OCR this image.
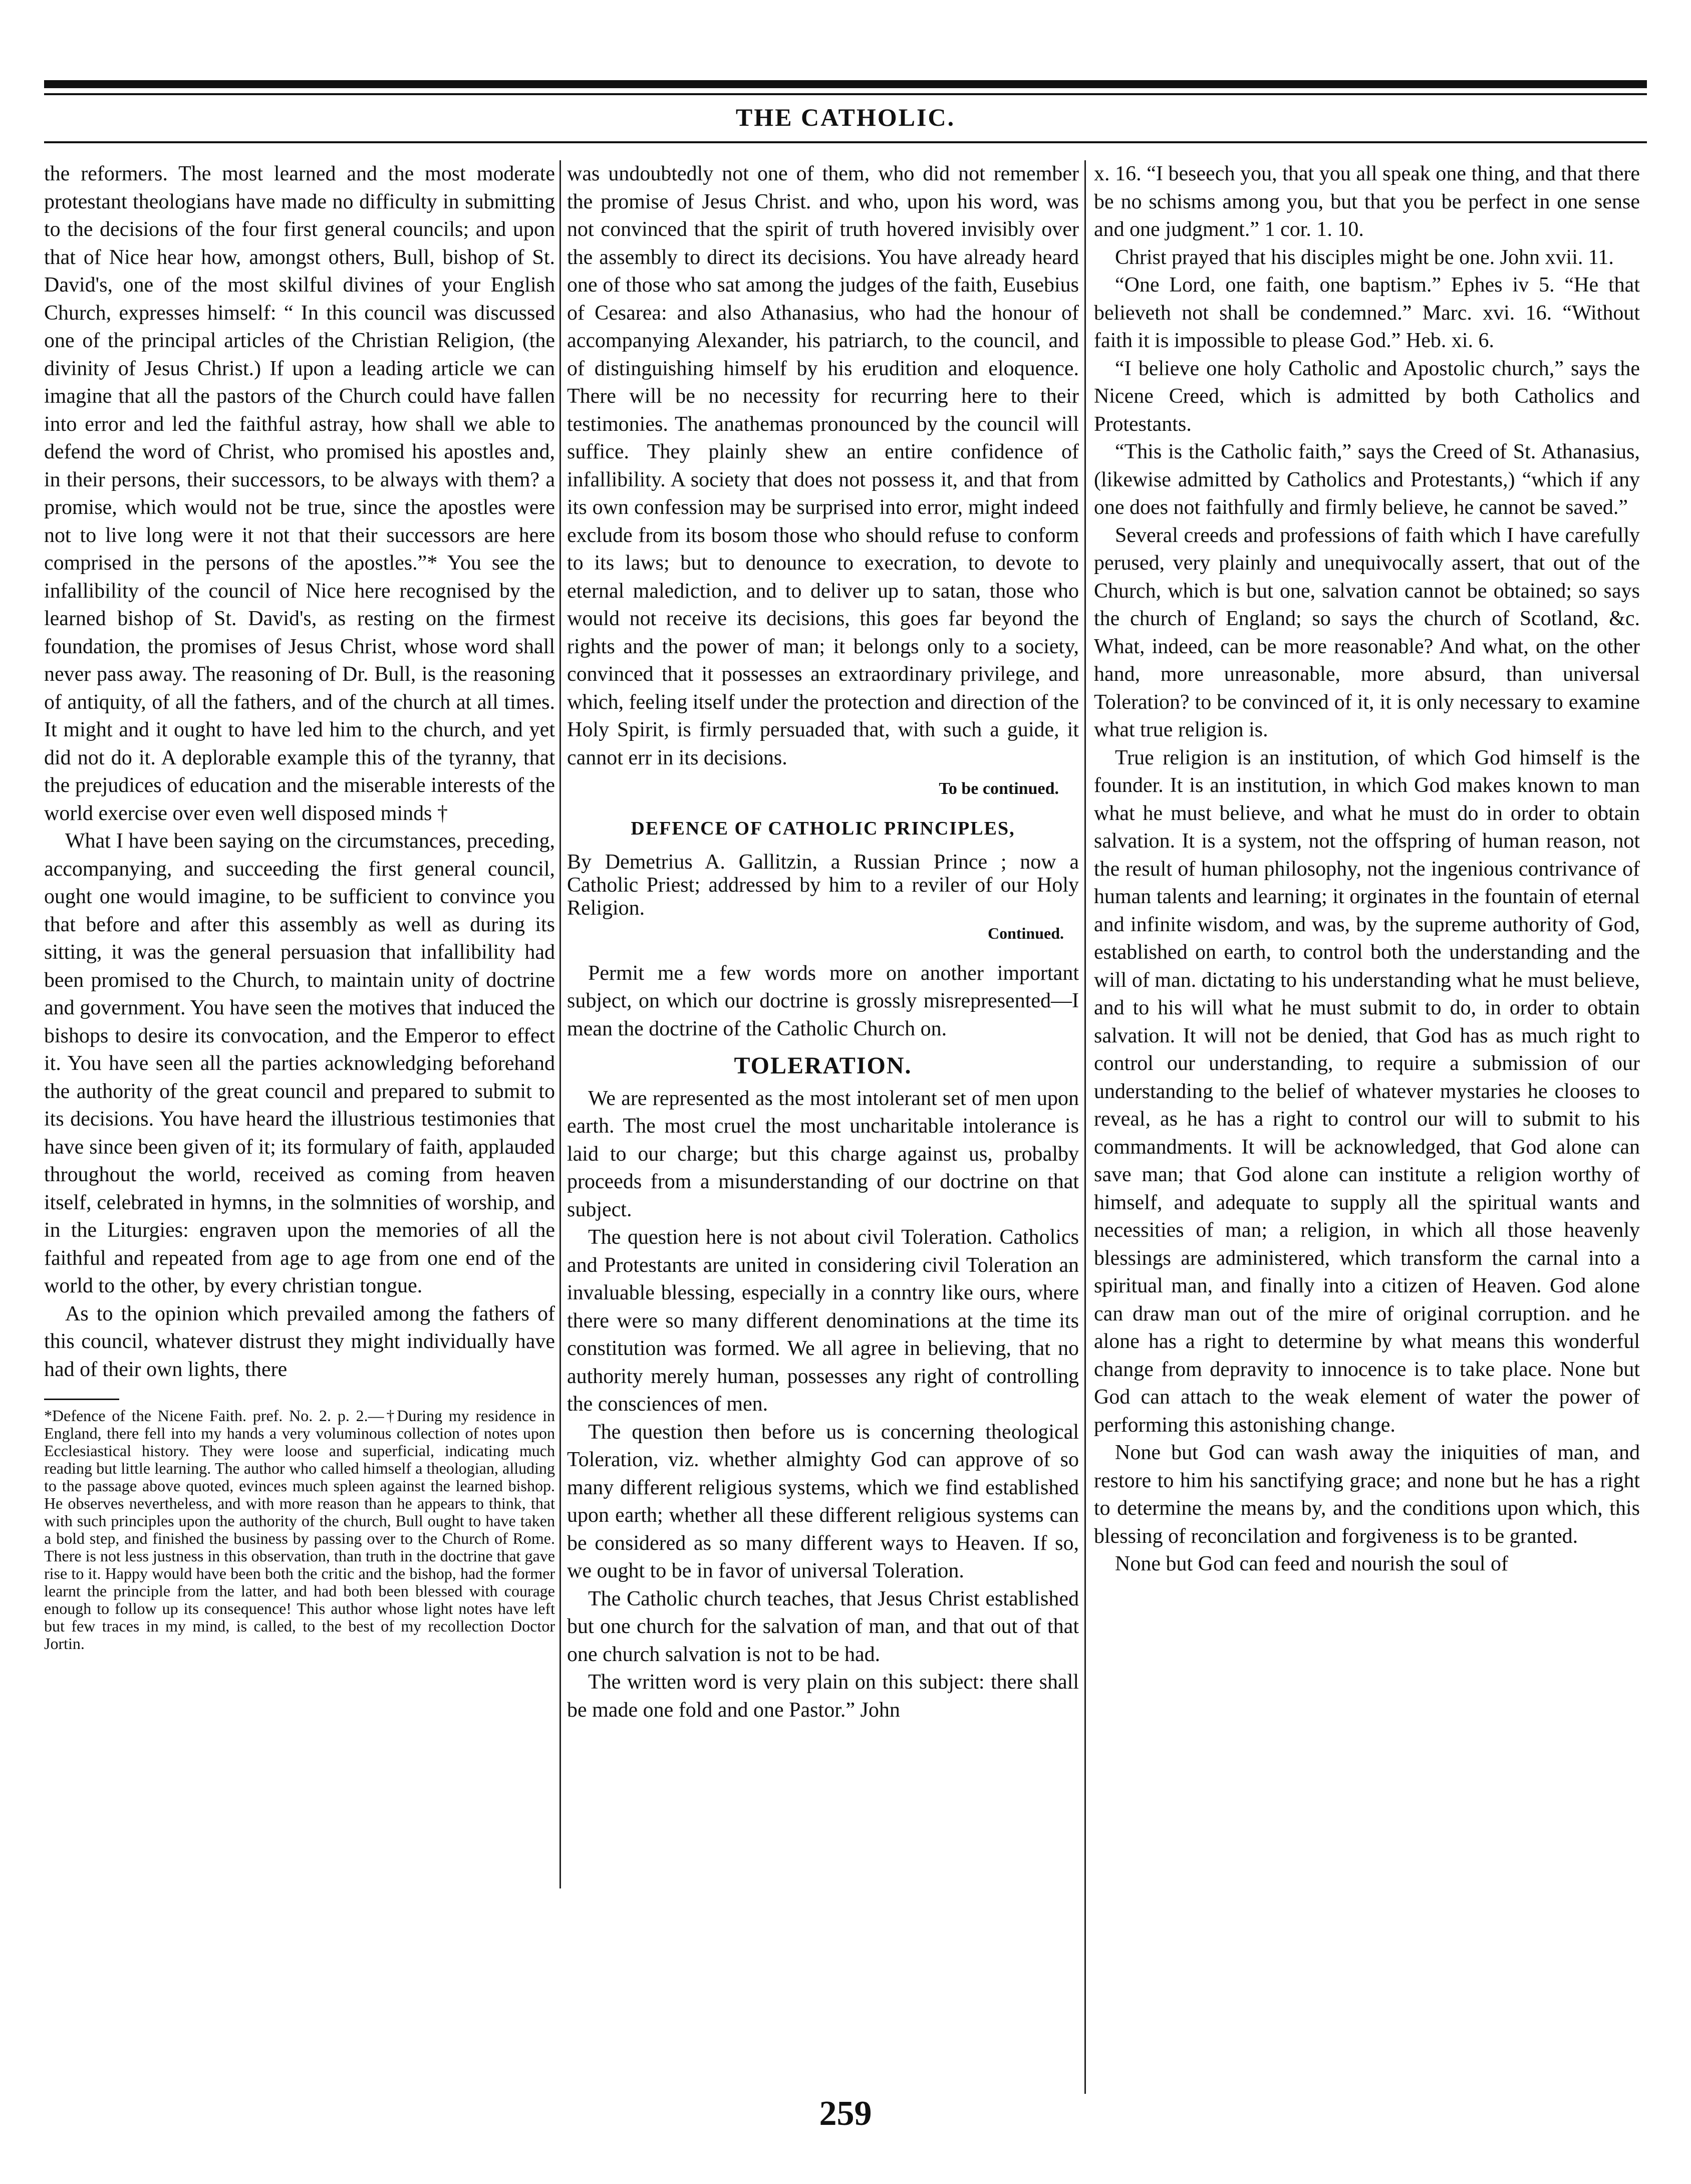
THE CATHOLIC.

the reformers. The most learned and the most moderate protestant theologians have made no difficulty in submitting to the decisions of the four first general councils; and upon that of Nice hear how, amongst others, Bull, bishop of St. David's, one of the most skilful divines of your English Church, expresses himself: “ In this council was discussed one of the principal articles of the Christian Religion, (the divinity of Jesus Christ.) If upon a leading article we can imagine that all the pastors of the Church could have fallen into error and led the faithful astray, how shall we able to defend the word of Christ, who promised his apostles and, in their persons, their successors, to be always with them? a promise, which would not be true, since the apostles were not to live long were it not that their successors are here comprised in the persons of the apostles.”* You see the infallibility of the council of Nice here recognised by the learned bishop of St. David's, as resting on the firmest foundation, the promises of Jesus Christ, whose word shall never pass away. The reasoning of Dr. Bull, is the reasoning of antiquity, of all the fathers, and of the church at all times. It might and it ought to have led him to the church, and yet did not do it. A deplorable example this of the tyranny, that the prejudices of education and the miserable interests of the world exercise over even well disposed minds †

What I have been saying on the circumstances, preceding, accompanying, and succeeding the first general council, ought one would imagine, to be sufficient to convince you that before and after this assembly as well as during its sitting, it was the general persuasion that infallibility had been promised to the Church, to maintain unity of doctrine and government. You have seen the motives that induced the bishops to desire its convocation, and the Emperor to effect it. You have seen all the parties acknowledging beforehand the authority of the great council and prepared to submit to its decisions. You have heard the illustrious testimonies that have since been given of it; its formulary of faith, applauded throughout the world, received as coming from heaven itself, celebrated in hymns, in the solmnities of worship, and in the Liturgies: engraven upon the memories of all the faithful and repeated from age to age from one end of the world to the other, by every christian tongue.

As to the opinion which prevailed among the fathers of this council, whatever distrust they might individually have had of their own lights, there

*Defence of the Nicene Faith. pref. No. 2. p. 2.—†During my residence in England, there fell into my hands a very voluminous collection of notes upon Ecclesiastical history. They were loose and superficial, indicating much reading but little learning. The author who called himself a theologian, alluding to the passage above quoted, evinces much spleen against the learned bishop. He observes nevertheless, and with more reason than he appears to think, that with such principles upon the authority of the church, Bull ought to have taken a bold step, and finished the business by passing over to the Church of Rome. There is not less justness in this observation, than truth in the doctrine that gave rise to it. Happy would have been both the critic and the bishop, had the former learnt the principle from the latter, and had both been blessed with courage enough to follow up its consequence! This author whose light notes have left but few traces in my mind, is called, to the best of my recollection Doctor Jortin.

was undoubtedly not one of them, who did not remember the promise of Jesus Christ. and who, upon his word, was not convinced that the spirit of truth hovered invisibly over the assembly to direct its decisions. You have already heard one of those who sat among the judges of the faith, Eusebius of Cesarea: and also Athanasius, who had the honour of accompanying Alexander, his patriarch, to the council, and of distinguishing himself by his erudition and eloquence. There will be no necessity for recurring here to their testimonies. The anathemas pronounced by the council will suffice. They plainly shew an entire confidence of infallibility. A society that does not possess it, and that from its own confession may be surprised into error, might indeed exclude from its bosom those who should refuse to conform to its laws; but to denounce to execration, to devote to eternal malediction, and to deliver up to satan, those who would not receive its decisions, this goes far beyond the rights and the power of man; it belongs only to a society, convinced that it possesses an extraordinary privilege, and which, feeling itself under the protection and direction of the Holy Spirit, is firmly persuaded that, with such a guide, it cannot err in its decisions.

To be continued.
DEFENCE OF CATHOLIC PRINCIPLES,

By Demetrius A. Gallitzin, a Russian Prince ; now a Catholic Priest; addressed by him to a reviler of our Holy Religion.

Continued.

Permit me a few words more on another important subject, on which our doctrine is grossly misrepresented—I mean the doctrine of the Catholic Church on.

TOLERATION.

We are represented as the most intolerant set of men upon earth. The most cruel the most uncharitable intolerance is laid to our charge; but this charge against us, probalby proceeds from a misunderstanding of our doctrine on that subject.

The question here is not about civil Toleration. Catholics and Protestants are united in considering civil Toleration an invaluable blessing, especially in a conntry like ours, where there were so many different denominations at the time its constitution was formed. We all agree in believing, that no authority merely human, possesses any right of controlling the consciences of men.

The question then before us is concerning theological Toleration, viz. whether almighty God can approve of so many different religious systems, which we find established upon earth; whether all these different religious systems can be considered as so many different ways to Heaven. If so, we ought to be in favor of universal Toleration.

The Catholic church teaches, that Jesus Christ established but one church for the salvation of man, and that out of that one church salvation is not to be had.

The written word is very plain on this subject: there shall be made one fold and one Pastor.” John

x. 16. “I beseech you, that you all speak one thing, and that there be no schisms among you, but that you be perfect in one sense and one judgment.” 1 cor. 1. 10.

Christ prayed that his disciples might be one. John xvii. 11.

“One Lord, one faith, one baptism.” Ephes iv 5. “He that believeth not shall be condemned.” Marc. xvi. 16. “Without faith it is impossible to please God.” Heb. xi. 6.

“I believe one holy Catholic and Apostolic church,” says the Nicene Creed, which is admitted by both Catholics and Protestants.

“This is the Catholic faith,” says the Creed of St. Athanasius, (likewise admitted by Catholics and Protestants,) “which if any one does not faithfully and firmly believe, he cannot be saved.”

Several creeds and professions of faith which I have carefully perused, very plainly and unequivocally assert, that out of the Church, which is but one, salvation cannot be obtained; so says the church of England; so says the church of Scotland, &c. What, indeed, can be more reasonable? And what, on the other hand, more unreasonable, more absurd, than universal Toleration? to be convinced of it, it is only necessary to examine what true religion is.

True religion is an institution, of which God himself is the founder. It is an institution, in which God makes known to man what he must believe, and what he must do in order to obtain salvation. It is a system, not the offspring of human reason, not the result of human philosophy, not the ingenious contrivance of human talents and learning; it orginates in the fountain of eternal and infinite wisdom, and was, by the supreme authority of God, established on earth, to control both the understanding and the will of man. dictating to his understanding what he must believe, and to his will what he must submit to do, in order to obtain salvation. It will not be denied, that God has as much right to control our understanding, to require a submission of our understanding to the belief of whatever mystaries he clooses to reveal, as he has a right to control our will to submit to his commandments. It will be acknowledged, that God alone can save man; that God alone can institute a religion worthy of himself, and adequate to supply all the spiritual wants and necessities of man; a religion, in which all those heavenly blessings are administered, which transform the carnal into a spiritual man, and finally into a citizen of Heaven. God alone can draw man out of the mire of original corruption. and he alone has a right to determine by what means this wonderful change from depravity to innocence is to take place. None but God can attach to the weak element of water the power of performing this astonishing change.

None but God can wash away the iniquities of man, and restore to him his sanctifying grace; and none but he has a right to determine the means by, and the conditions upon which, this blessing of reconcilation and forgiveness is to be granted.

None but God can feed and nourish the soul of

259
